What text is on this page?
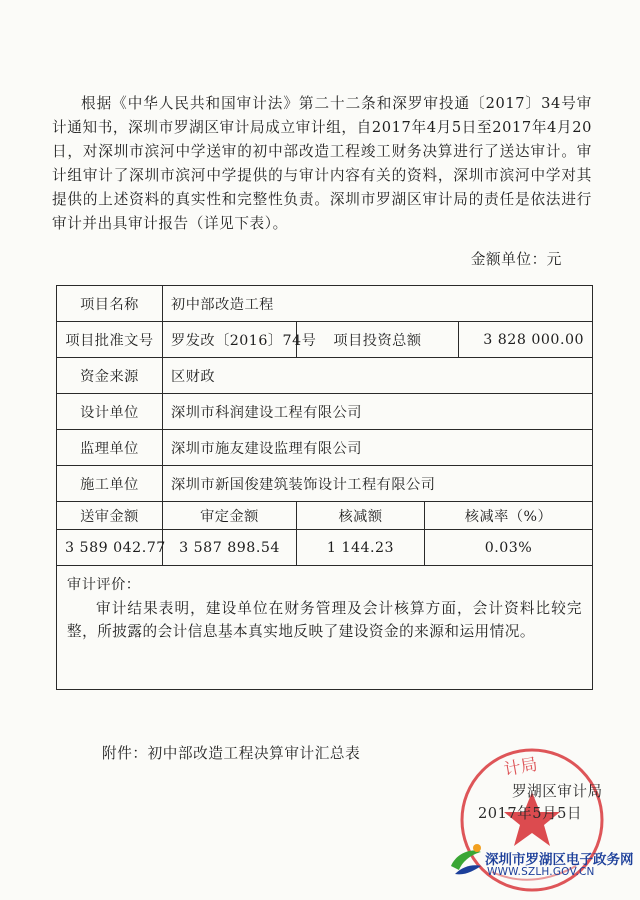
根据《中华人民共和国审计法》第二十二条和深罗审投通〔2017〕34号审计通知书，深圳市罗湖区审计局成立审计组，自2017年4月5日至2017年4月20日，对深圳市滨河中学送审的初中部改造工程竣工财务决算进行了送达审计。审计组审计了深圳市滨河中学提供的与审计内容有关的资料，深圳市滨河中学对其提供的上述资料的真实性和完整性负责。深圳市罗湖区审计局的责任是依法进行审计并出具审计报告（详见下表）。

金额单位：元
项目名称	初中部改造工程			
项目批准文号	罗发改〔2016〕74号	项目投资总额		3 828 000.00
资金来源	区财政			
设计单位	深圳市科润建设工程有限公司			
监理单位	深圳市施友建设监理有限公司			
施工单位	深圳市新国俊建筑装饰设计工程有限公司			
送审金额	审定金额	核减额	核减率（%）	
3 589 042.77	3 587 898.54	1 144.23	0.03%	

审计评价：
审计结果表明，建设单位在财务管理及会计核算方面，会计资料比较完整，所披露的会计信息基本真实地反映了建设资金的来源和运用情况。				
附件：初中部改造工程决算审计汇总表
计局
罗湖区审计局
2017年5月5日
深圳市罗湖区电子政务网
WWW.SZLH.GOV.CN
